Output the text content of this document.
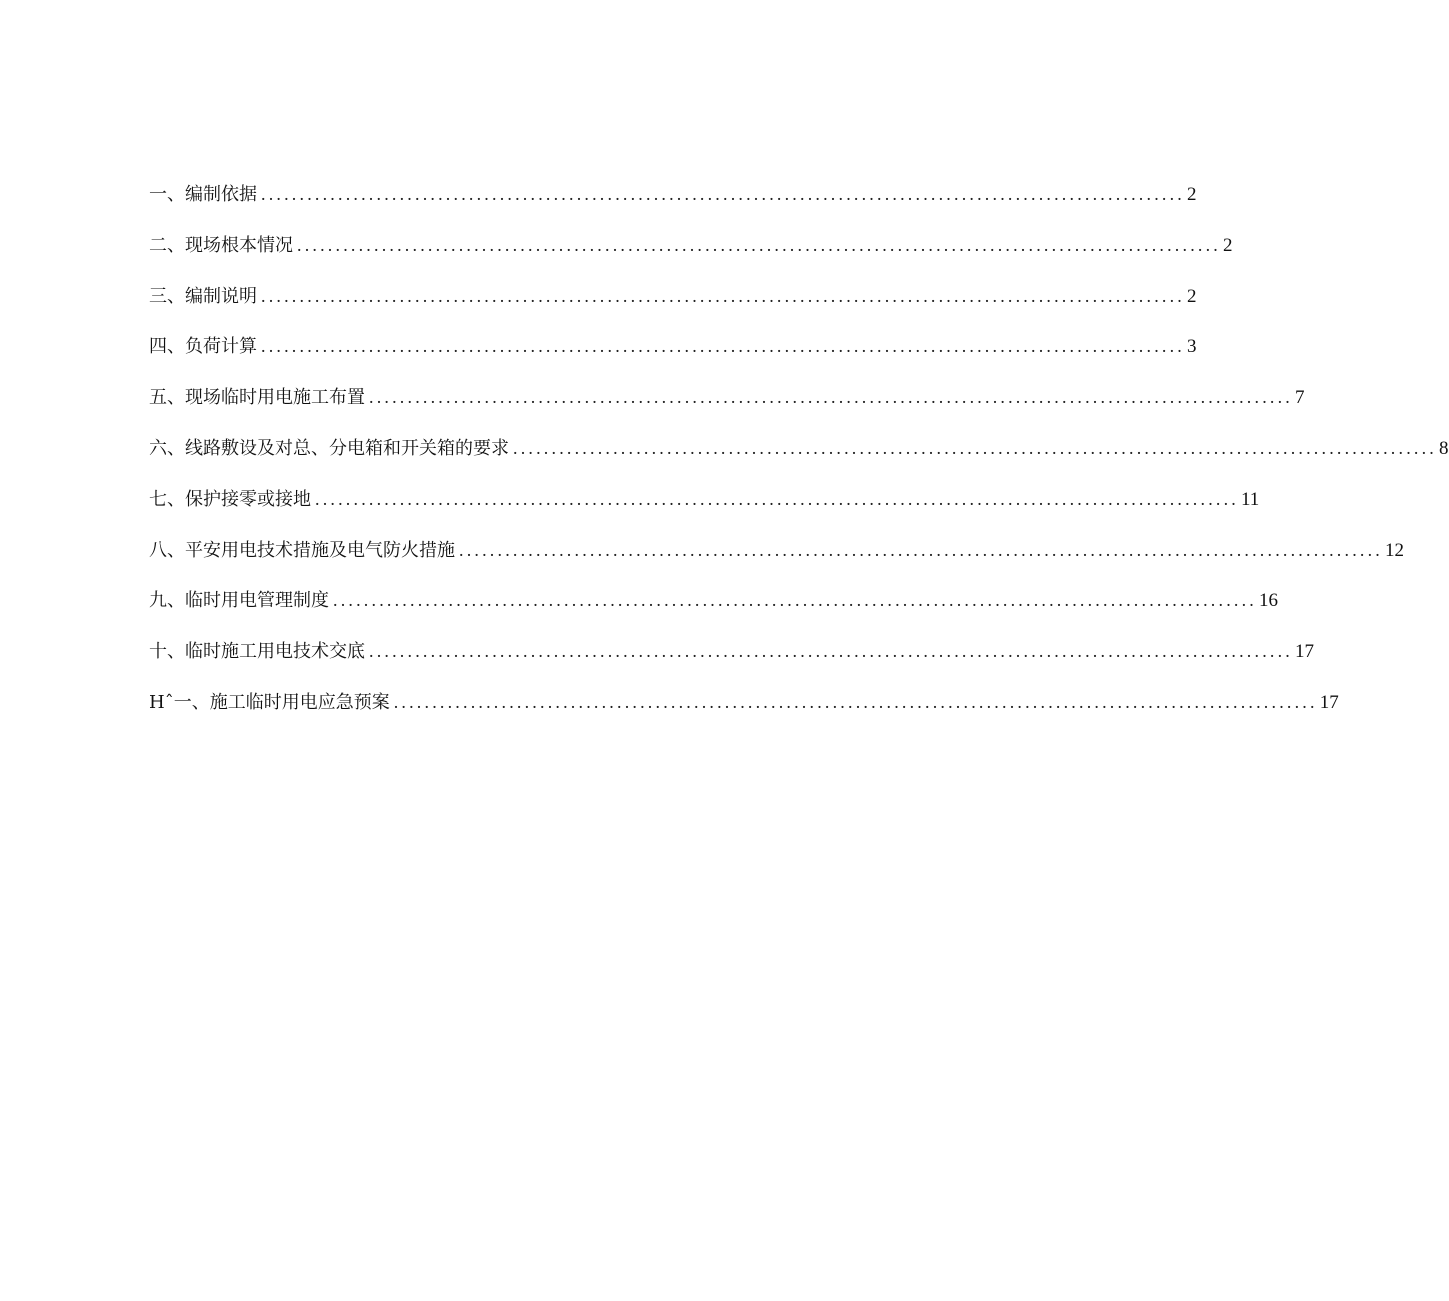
一、编制依据 ........................................................................................................................ 2
二、现场根本情况 ........................................................................................................................ 2
三、编制说明 ........................................................................................................................ 2
四、负荷计算 ........................................................................................................................ 3
五、现场临时用电施工布置 ........................................................................................................................ 7
六、线路敷设及对总、分电箱和开关箱的要求 ........................................................................................................................ 8
七、保护接零或接地 ........................................................................................................................ 11
八、平安用电技术措施及电气防火措施 ........................................................................................................................ 12
九、临时用电管理制度 ........................................................................................................................ 16
十、临时施工用电技术交底 ........................................................................................................................ 17
Hˆ一、施工临时用电应急预案 ........................................................................................................................ 17
